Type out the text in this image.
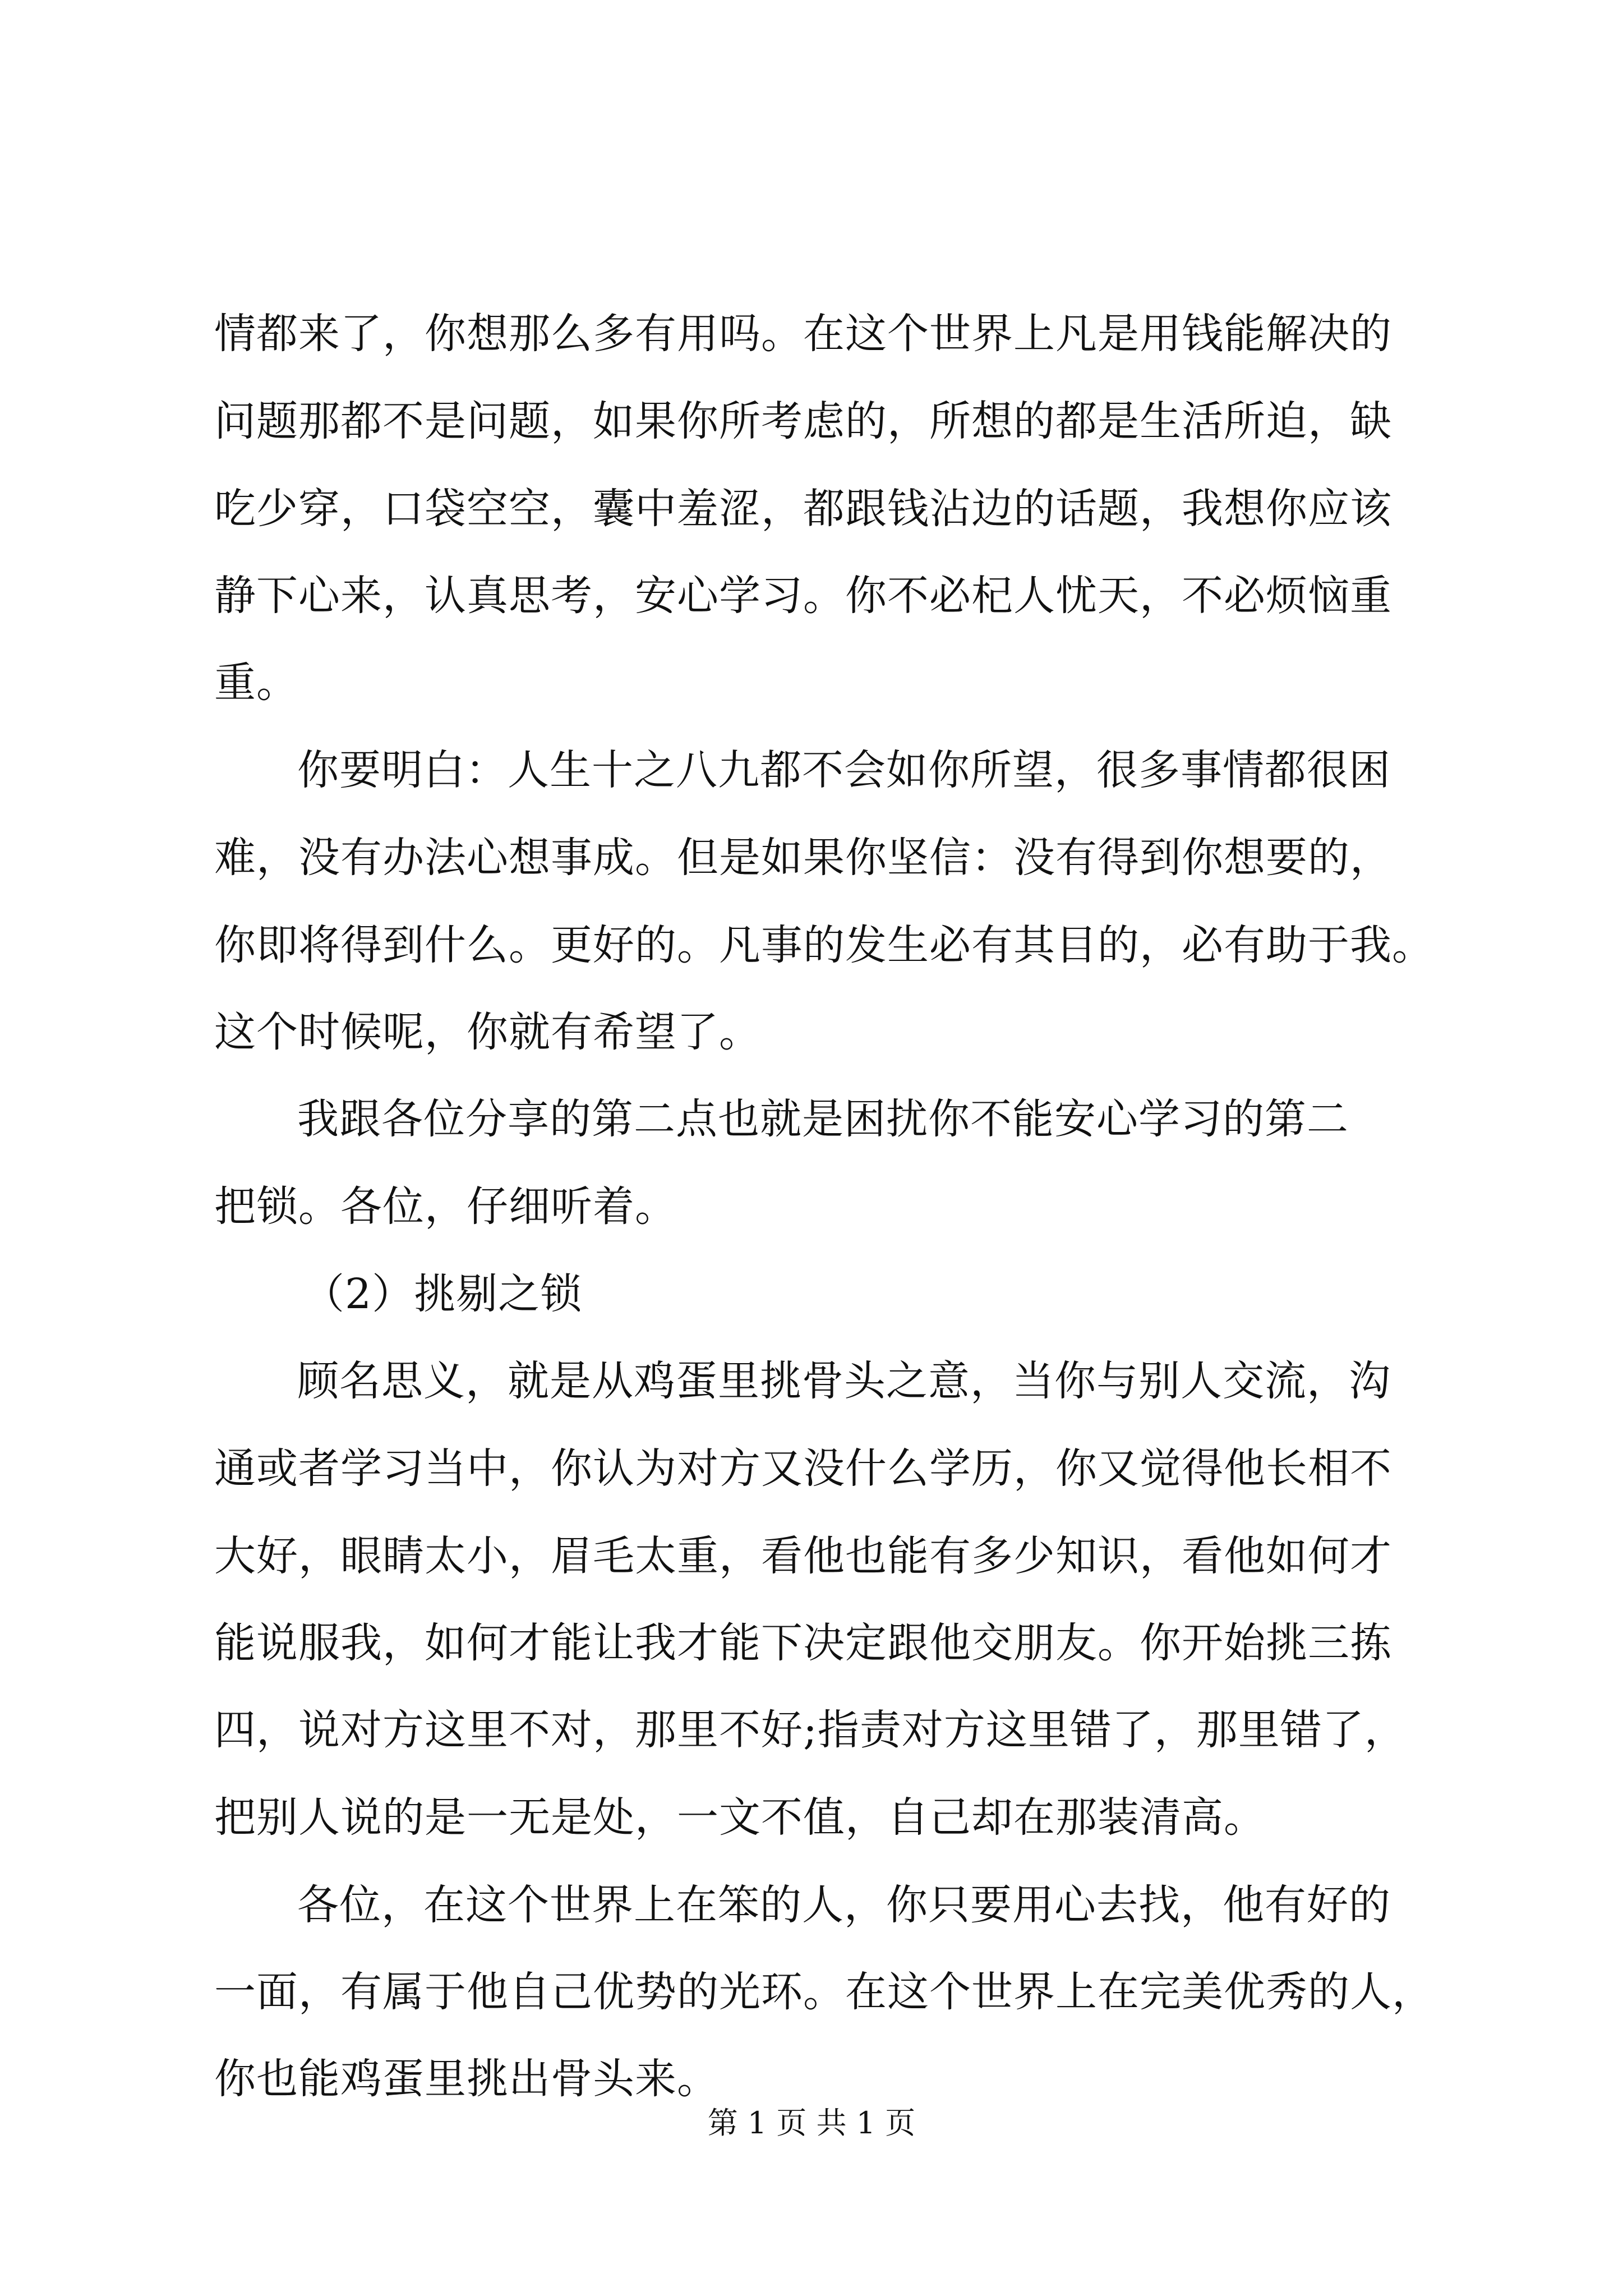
情都来了，你想那么多有用吗。在这个世界上凡是用钱能解决的
问题那都不是问题，如果你所考虑的，所想的都是生活所迫，缺
吃少穿，口袋空空，囊中羞涩，都跟钱沾边的话题，我想你应该
静下心来，认真思考，安心学习。你不必杞人忧天，不必烦恼重
重。
你要明白：人生十之八九都不会如你所望，很多事情都很困
难，没有办法心想事成。但是如果你坚信：没有得到你想要的，
你即将得到什么。更好的。凡事的发生必有其目的，必有助于我。
这个时候呢，你就有希望了。
我跟各位分享的第二点也就是困扰你不能安心学习的第二
把锁。各位，仔细听着。
（2）挑剔之锁
顾名思义，就是从鸡蛋里挑骨头之意，当你与别人交流，沟
通或者学习当中，你认为对方又没什么学历，你又觉得他长相不
大好，眼睛太小，眉毛太重，看他也能有多少知识，看他如何才
能说服我，如何才能让我才能下决定跟他交朋友。你开始挑三拣
四，说对方这里不对，那里不好;指责对方这里错了，那里错了，
把别人说的是一无是处，一文不值，自己却在那装清高。
各位，在这个世界上在笨的人，你只要用心去找，他有好的
一面，有属于他自己优势的光环。在这个世界上在完美优秀的人，
你也能鸡蛋里挑出骨头来。
第 1 页 共 1 页
